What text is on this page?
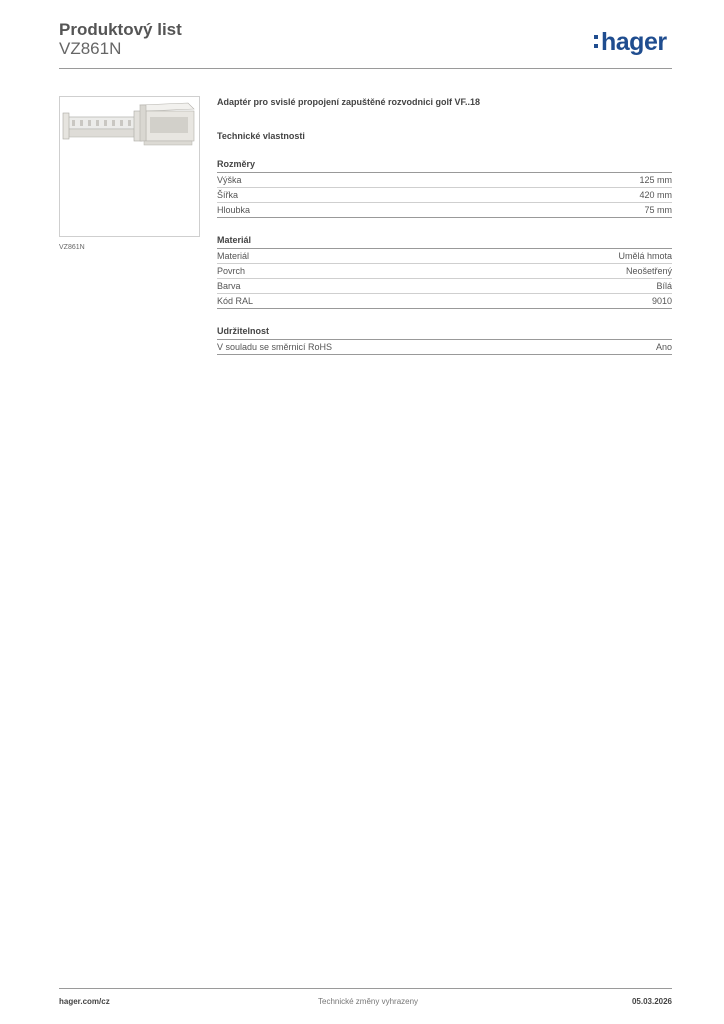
Produktový list
VZ861N	hager
VZ861N
Adaptér pro svislé propojení zapuštěné rozvodnici golf VF..18
Technické vlastnosti
Rozměry
Výška	125 mm
Šířka	420 mm
Hloubka	75 mm
Materiál
Materiál	Umělá hmota
Povrch	Neošetřený
Barva	Bílá
Kód RAL	9010
Udržitelnost
V souladu se směrnicí RoHS	Ano
hager.com/cz	Technické změny vyhrazeny	05.03.2026
